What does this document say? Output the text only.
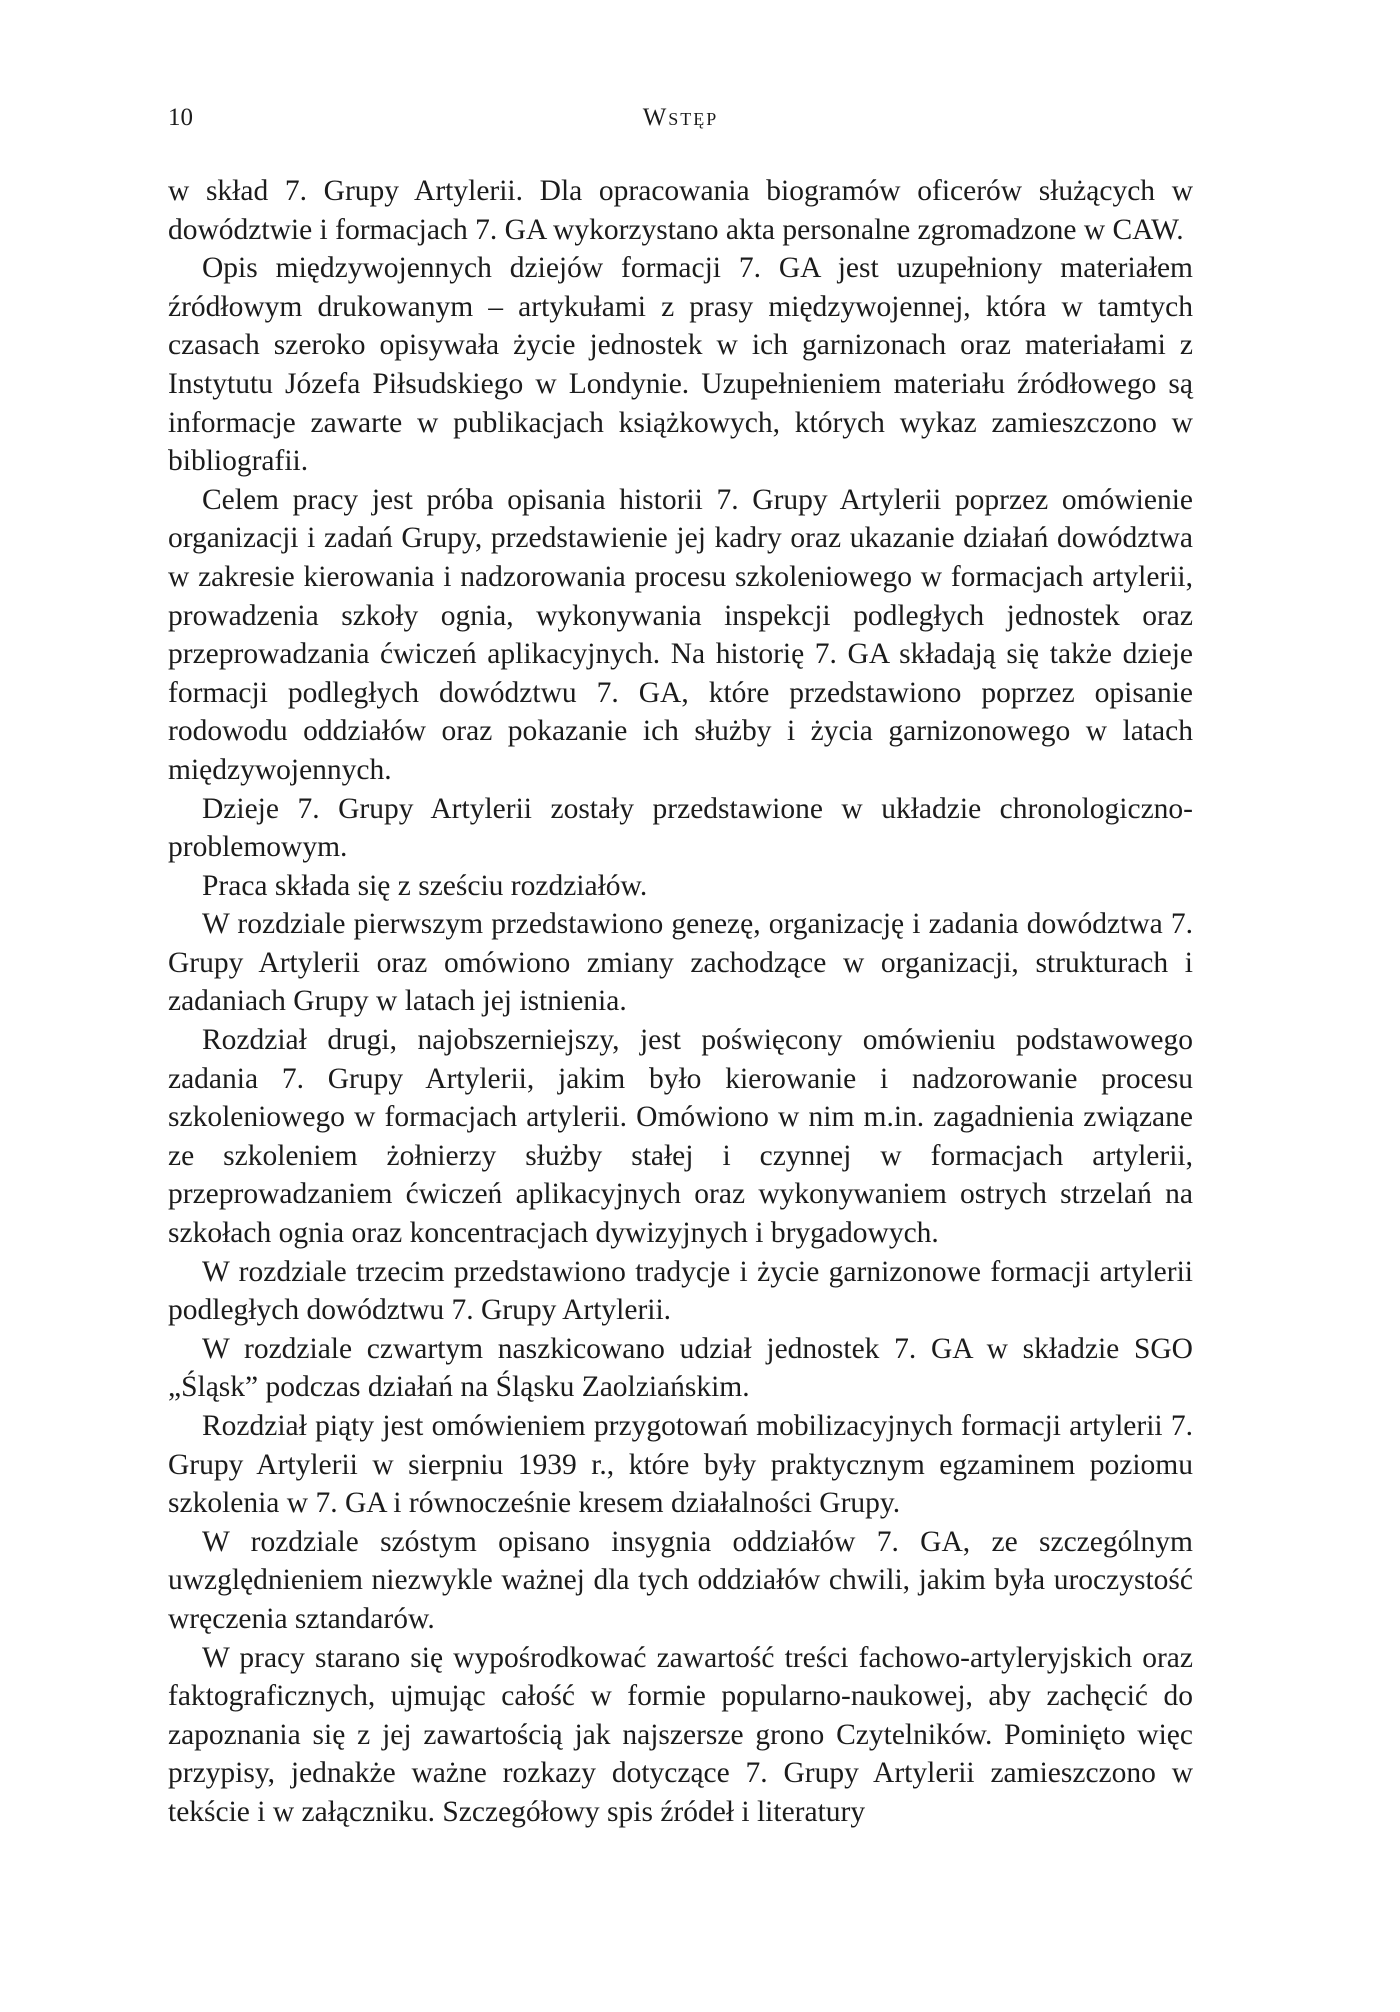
10	Wstęp

w skład 7. Grupy Artylerii. Dla opracowania biogramów oficerów służących w dowództwie i formacjach 7. GA wykorzystano akta personalne zgromadzone w CAW.

Opis międzywojennych dziejów formacji 7. GA jest uzupełniony materiałem źródłowym drukowanym – artykułami z prasy międzywojennej, która w tamtych czasach szeroko opisywała życie jednostek w ich garnizonach oraz materiałami z Instytutu Józefa Piłsudskiego w Londynie. Uzupełnieniem materiału źródłowego są informacje zawarte w publikacjach książkowych, których wykaz zamieszczono w bibliografii.

Celem pracy jest próba opisania historii 7. Grupy Artylerii poprzez omówienie organizacji i zadań Grupy, przedstawienie jej kadry oraz ukazanie działań dowództwa w zakresie kierowania i nadzorowania procesu szkoleniowego w formacjach artylerii, prowadzenia szkoły ognia, wykonywania inspekcji podległych jednostek oraz przeprowadzania ćwiczeń aplikacyjnych. Na historię 7. GA składają się także dzieje formacji podległych dowództwu 7. GA, które przedstawiono poprzez opisanie rodowodu oddziałów oraz pokazanie ich służby i życia garnizonowego w latach międzywojennych.

Dzieje 7. Grupy Artylerii zostały przedstawione w układzie chronologiczno-problemowym.

Praca składa się z sześciu rozdziałów.

W rozdziale pierwszym przedstawiono genezę, organizację i zadania dowództwa 7. Grupy Artylerii oraz omówiono zmiany zachodzące w organizacji, strukturach i zadaniach Grupy w latach jej istnienia.

Rozdział drugi, najobszerniejszy, jest poświęcony omówieniu podstawowego zadania 7. Grupy Artylerii, jakim było kierowanie i nadzorowanie procesu szkoleniowego w formacjach artylerii. Omówiono w nim m.in. zagadnienia związane ze szkoleniem żołnierzy służby stałej i czynnej w formacjach artylerii, przeprowadzaniem ćwiczeń aplikacyjnych oraz wykonywaniem ostrych strzelań na szkołach ognia oraz koncentracjach dywizyjnych i brygadowych.

W rozdziale trzecim przedstawiono tradycje i życie garnizonowe formacji artylerii podległych dowództwu 7. Grupy Artylerii.

W rozdziale czwartym naszkicowano udział jednostek 7. GA w składzie SGO „Śląsk” podczas działań na Śląsku Zaolziańskim.

Rozdział piąty jest omówieniem przygotowań mobilizacyjnych formacji artylerii 7. Grupy Artylerii w sierpniu 1939 r., które były praktycznym egzaminem poziomu szkolenia w 7. GA i równocześnie kresem działalności Grupy.

W rozdziale szóstym opisano insygnia oddziałów 7. GA, ze szczególnym uwzględnieniem niezwykle ważnej dla tych oddziałów chwili, jakim była uroczystość wręczenia sztandarów.

W pracy starano się wypośrodkować zawartość treści fachowo-artyleryjskich oraz faktograficznych, ujmując całość w formie popularno-naukowej, aby zachęcić do zapoznania się z jej zawartością jak najszersze grono Czytelników. Pominięto więc przypisy, jednakże ważne rozkazy dotyczące 7. Grupy Artylerii zamieszczono w tekście i w załączniku. Szczegółowy spis źródeł i literatury
